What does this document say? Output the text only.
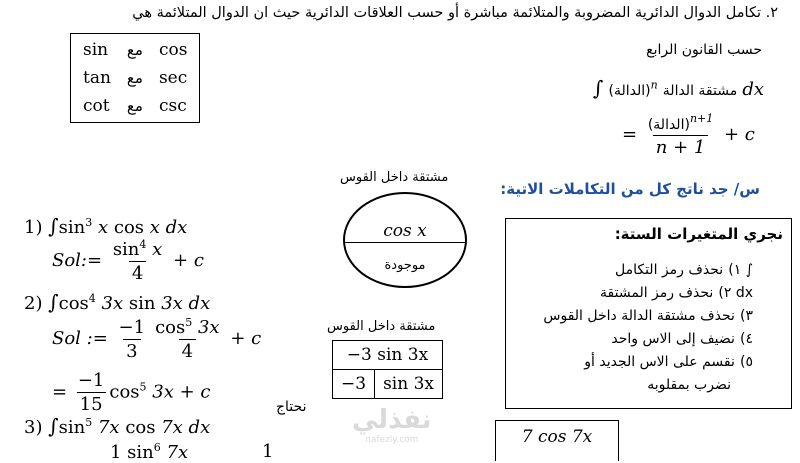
٢. تكامل الدوال الدائرية المضروبة والمتلائمة مباشرة أو حسب العلاقات الدائرية حيث ان الدوال المتلائمة هي
حسب القانون الرابع
sin	مع	cos
tan	مع	sec
cot	مع	csc
∫ (الدالة)$^n$ مشتقة الدالة dx
= $\frac{(الدالة)^{n+1}}{n + 1} + c$
س/ جد ناتج كل من التكاملات الاتية:
مشتقة داخل القوس
cos x
موجودة
نجري المتغيرات الستة:
١) نحذف رمز التكامل ∫
٢) نحذف رمز المشتقة dx
٣) نحذف مشتقة الدالة داخل القوس
٤) نضيف إلى الاس واحد
٥) نقسم على الاس الجديد أو
نضرب بمقلوبه
مشتقة داخل القوس
−3 sin 3x
−3	sin 3x
نحتاج
7 cos 7x
نفذلي
nafezly.com
1) $\int\sin^3$ x cos x dx
Sol:= $\frac{\sin^4 x}{4} + c$
2) $\int\cos^4$ 3x sin 3x dx
Sol := $\frac{-1}{3} \frac{\cos^5 3x}{4} + c$
= $\frac{-1}{15} \cos^5 3x + c$
3) $\int\sin^5$ 7x cos 7x dx
1 $\sin^6 7x$	1
